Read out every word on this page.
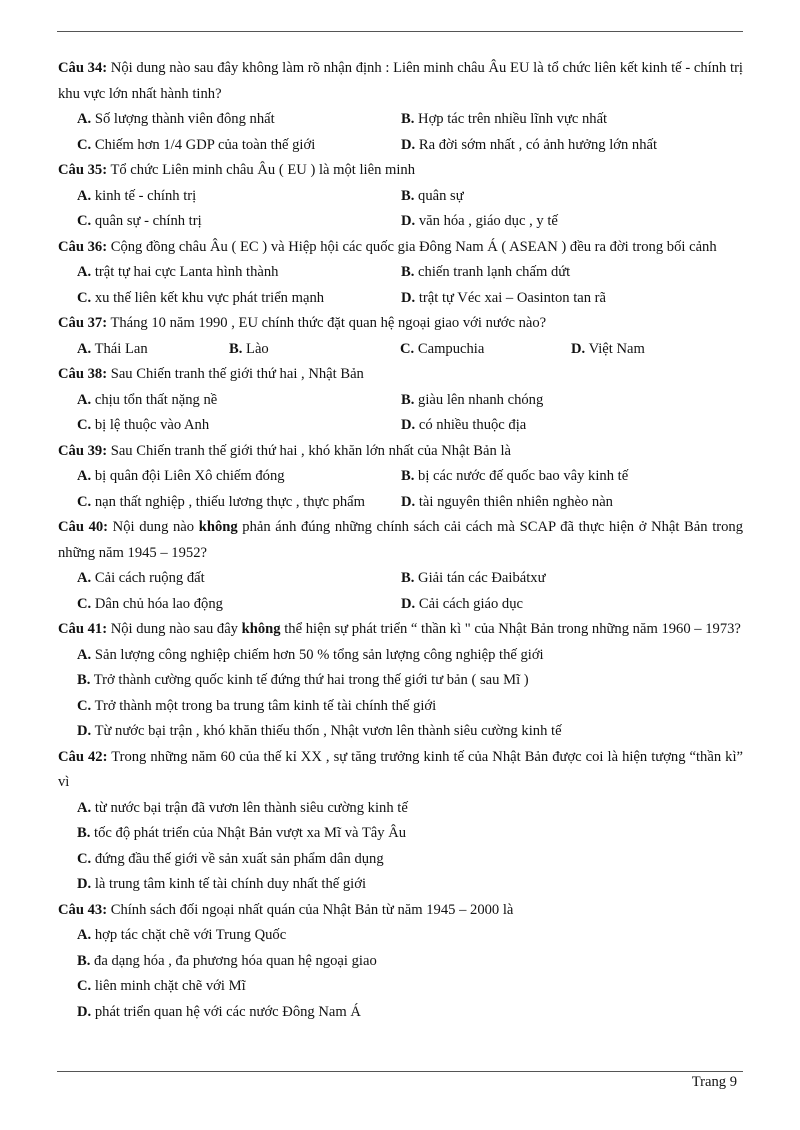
Câu 34: Nội dung nào sau đây không làm rõ nhận định : Liên minh châu Âu EU là tổ chức liên kết kinh tế - chính trị khu vực lớn nhất hành tinh?

A. Số lượng thành viên đông nhất	B. Hợp tác trên nhiều lĩnh vực nhất
C. Chiếm hơn 1/4 GDP của toàn thế giới	D. Ra đời sớm nhất , có ảnh hưởng lớn nhất

Câu 35: Tổ chức Liên minh châu Âu ( EU ) là một liên minh

A. kinh tế - chính trị	B. quân sự
C. quân sự - chính trị	D. văn hóa , giáo dục , y tế

Câu 36: Cộng đồng châu Âu ( EC ) và Hiệp hội các quốc gia Đông Nam Á ( ASEAN ) đều ra đời trong bối cảnh

A. trật tự hai cực Lanta hình thành	B. chiến tranh lạnh chấm dứt
C. xu thế liên kết khu vực phát triển mạnh	D. trật tự Véc xai – Oasinton tan rã

Câu 37: Tháng 10 năm 1990 , EU chính thức đặt quan hệ ngoại giao với nước nào?

A. Thái Lan	B. Lào	C. Campuchia	D. Việt Nam

Câu 38: Sau Chiến tranh thế giới thứ hai , Nhật Bản

A. chịu tổn thất nặng nề	B. giàu lên nhanh chóng
C. bị lệ thuộc vào Anh	D. có nhiều thuộc địa

Câu 39: Sau Chiến tranh thế giới thứ hai , khó khăn lớn nhất của Nhật Bản là

A. bị quân đội Liên Xô chiếm đóng	B. bị các nước đế quốc bao vây kinh tế
C. nạn thất nghiệp , thiếu lương thực , thực phẩm	D. tài nguyên thiên nhiên nghèo nàn

Câu 40: Nội dung nào không phản ánh đúng những chính sách cải cách mà SCAP đã thực hiện ở Nhật Bản trong những năm 1945 – 1952?

A. Cải cách ruộng đất	B. Giải tán các Đaibátxư
C. Dân chủ hóa lao động	D. Cải cách giáo dục

Câu 41: Nội dung nào sau đây không thể hiện sự phát triển “ thần kì " của Nhật Bản trong những năm 1960 – 1973?

A. Sản lượng công nghiệp chiếm hơn 50 % tổng sản lượng công nghiệp thế giới
B. Trở thành cường quốc kinh tế đứng thứ hai trong thế giới tư bản ( sau Mĩ )
C. Trở thành một trong ba trung tâm kinh tế tài chính thế giới
D. Từ nước bại trận , khó khăn thiếu thốn , Nhật vươn lên thành siêu cường kinh tế

Câu 42: Trong những năm 60 của thế kỉ XX , sự tăng trưởng kinh tế của Nhật Bản được coi là hiện tượng “thần kì” vì

A. từ nước bại trận đã vươn lên thành siêu cường kinh tế
B. tốc độ phát triển của Nhật Bản vượt xa Mĩ và Tây Âu
C. đứng đầu thế giới về sản xuất sản phẩm dân dụng
D. là trung tâm kinh tế tài chính duy nhất thế giới

Câu 43: Chính sách đối ngoại nhất quán của Nhật Bản từ năm 1945 – 2000 là

A. hợp tác chặt chẽ với Trung Quốc
B. đa dạng hóa , đa phương hóa quan hệ ngoại giao
C. liên minh chặt chẽ với Mĩ
D. phát triển quan hệ với các nước Đông Nam Á
Trang 9
